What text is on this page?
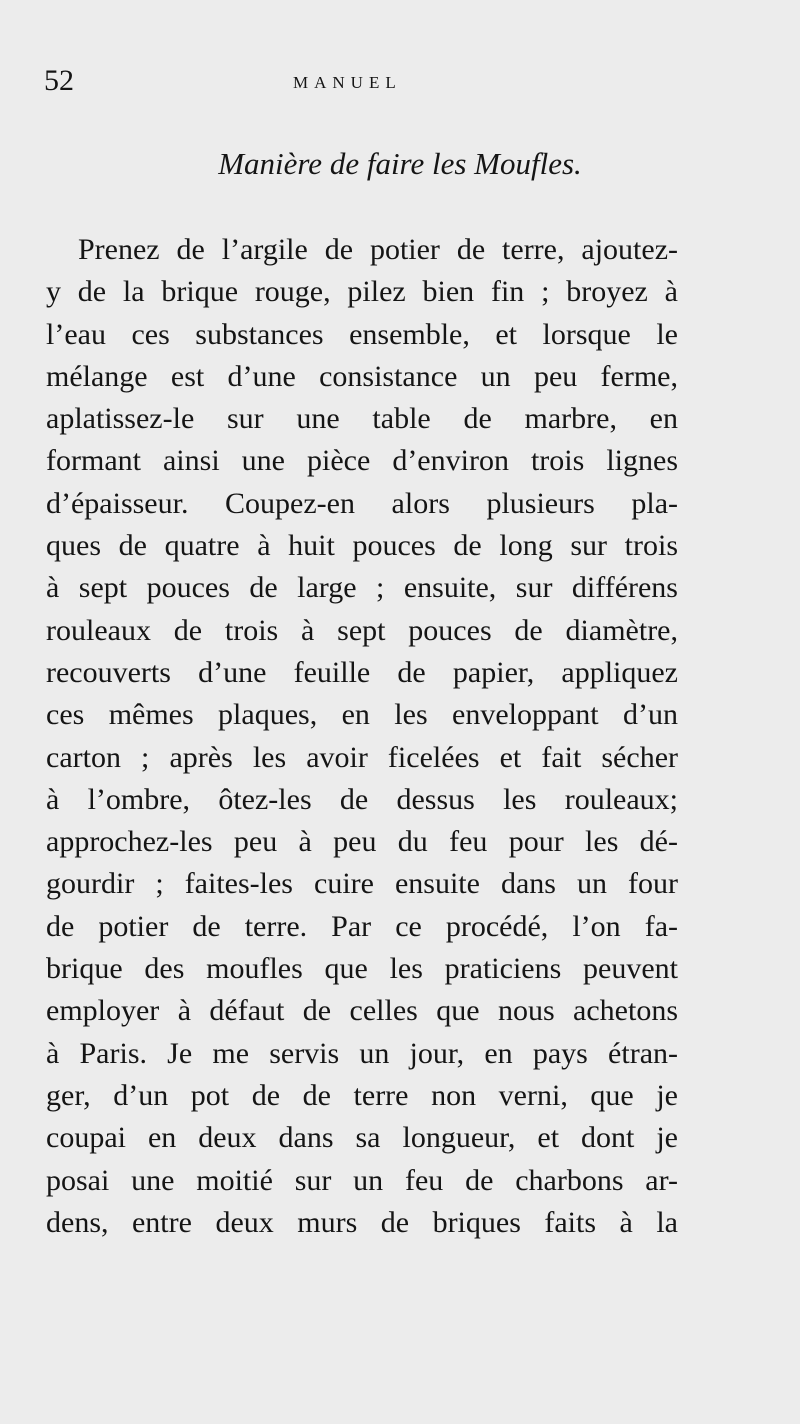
52	MANUEL
Manière de faire les Moufles.

Prenez de l’argile de potier de terre, ajoutez-
y de la brique rouge, pilez bien fin ; broyez à
l’eau ces substances ensemble, et lorsque le
mélange est d’une consistance un peu ferme,
aplatissez-le sur une table de marbre, en
formant ainsi une pièce d’environ trois lignes
d’épaisseur. Coupez-en alors plusieurs pla-
ques de quatre à huit pouces de long sur trois
à sept pouces de large ; ensuite, sur différens
rouleaux de trois à sept pouces de diamètre,
recouverts d’une feuille de papier, appliquez
ces mêmes plaques, en les enveloppant d’un
carton ; après les avoir ficelées et fait sécher
à l’ombre, ôtez-les de dessus les rouleaux;
approchez-les peu à peu du feu pour les dé-
gourdir ; faites-les cuire ensuite dans un four
de potier de terre. Par ce procédé, l’on fa-
brique des moufles que les praticiens peuvent
employer à défaut de celles que nous achetons
à Paris. Je me servis un jour, en pays étran-
ger, d’un pot de de terre non verni, que je
coupai en deux dans sa longueur, et dont je
posai une moitié sur un feu de charbons ar-
dens, entre deux murs de briques faits à la
